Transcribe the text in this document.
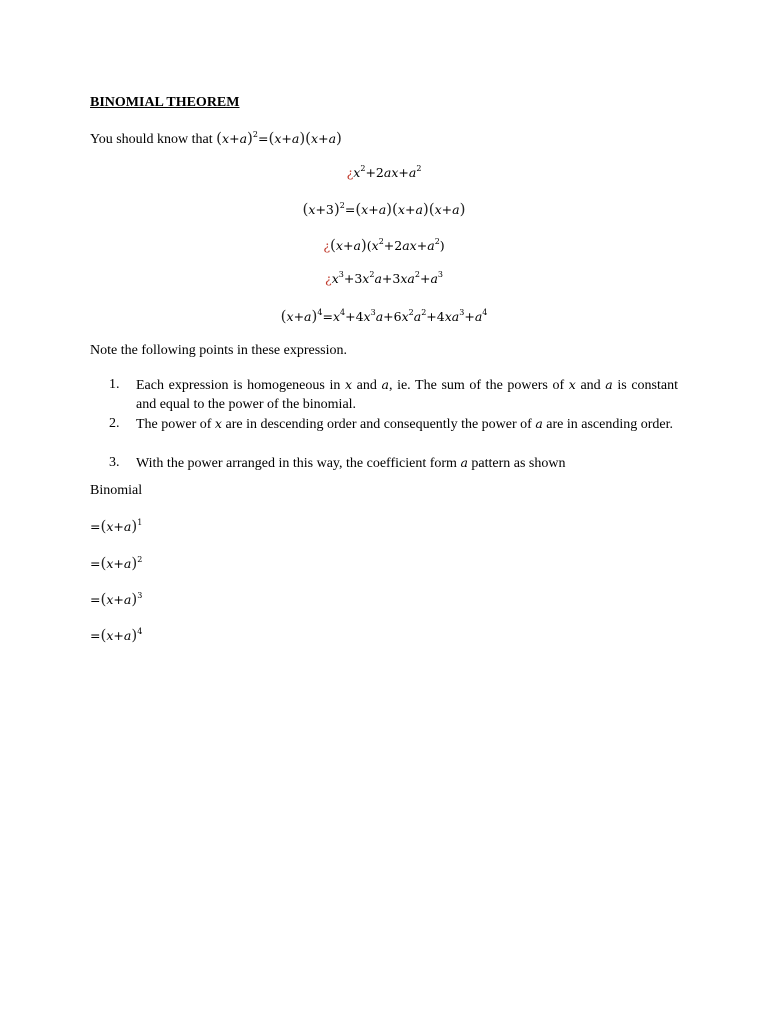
BINOMIAL THEOREM
You should know that $(x+a)^2=(x+a)(x+a)$
¿$x^2+2ax+a^2$
$(x+3)^2=(x+a)(x+a)(x+a)$
¿$(x+a)(x^2+2ax+a^2)$
¿$x^3+3x^2a+3xa^2+a^3$
$(x+a)^4=x^4+4x^3a+6x^2a^2+4xa^3+a^4$
Note the following points in these expression.
1. Each expression is homogeneous in x and a, ie. The sum of the powers of x and a is constant and equal to the power of the binomial.
2. The power of x are in descending order and consequently the power of a are in ascending order.
3. With the power arranged in this way, the coefficient form a pattern as shown
Binomial
$=(x+a)^1$
$=(x+a)^2$
$=(x+a)^3$
$=(x+a)^4$
